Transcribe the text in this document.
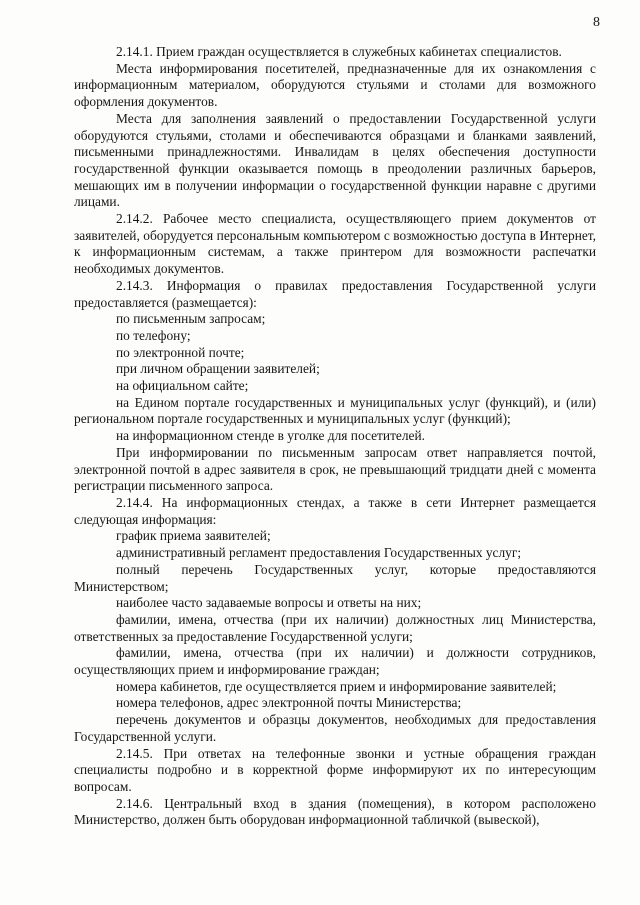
8

2.14.1. Прием граждан осуществляется в служебных кабинетах специалистов.

Места информирования посетителей, предназначенные для их ознакомления с информационным материалом, оборудуются стульями и столами для возможного оформления документов.

Места для заполнения заявлений о предоставлении Государственной услуги оборудуются стульями, столами и обеспечиваются образцами и бланками заявлений, письменными принадлежностями. Инвалидам в целях обеспечения доступности государственной функции оказывается помощь в преодолении различных барьеров, мешающих им в получении информации о государственной функции наравне с другими лицами.

2.14.2. Рабочее место специалиста, осуществляющего прием документов от заявителей, оборудуется персональным компьютером с возможностью доступа в Интернет, к информационным системам, а также принтером для возможности распечатки необходимых документов.

2.14.3. Информация о правилах предоставления Государственной услуги предоставляется (размещается):

по письменным запросам;

по телефону;

по электронной почте;

при личном обращении заявителей;

на официальном сайте;

на Едином портале государственных и муниципальных услуг (функций), и (или) региональном портале государственных и муниципальных услуг (функций);

на информационном стенде в уголке для посетителей.

При информировании по письменным запросам ответ направляется почтой, электронной почтой в адрес заявителя в срок, не превышающий тридцати дней с момента регистрации письменного запроса.

2.14.4. На информационных стендах, а также в сети Интернет размещается следующая информация:

график приема заявителей;

административный регламент предоставления Государственных услуг;

полный перечень Государственных услуг, которые предоставляются Министерством;

наиболее часто задаваемые вопросы и ответы на них;

фамилии, имена, отчества (при их наличии) должностных лиц Министерства, ответственных за предоставление Государственной услуги;

фамилии, имена, отчества (при их наличии) и должности сотрудников, осуществляющих прием и информирование граждан;

номера кабинетов, где осуществляется прием и информирование заявителей;

номера телефонов, адрес электронной почты Министерства;

перечень документов и образцы документов, необходимых для предоставления Государственной услуги.

2.14.5. При ответах на телефонные звонки и устные обращения граждан специалисты подробно и в корректной форме информируют их по интересующим вопросам.

2.14.6. Центральный вход в здания (помещения), в котором расположено Министерство, должен быть оборудован информационной табличкой (вывеской),
